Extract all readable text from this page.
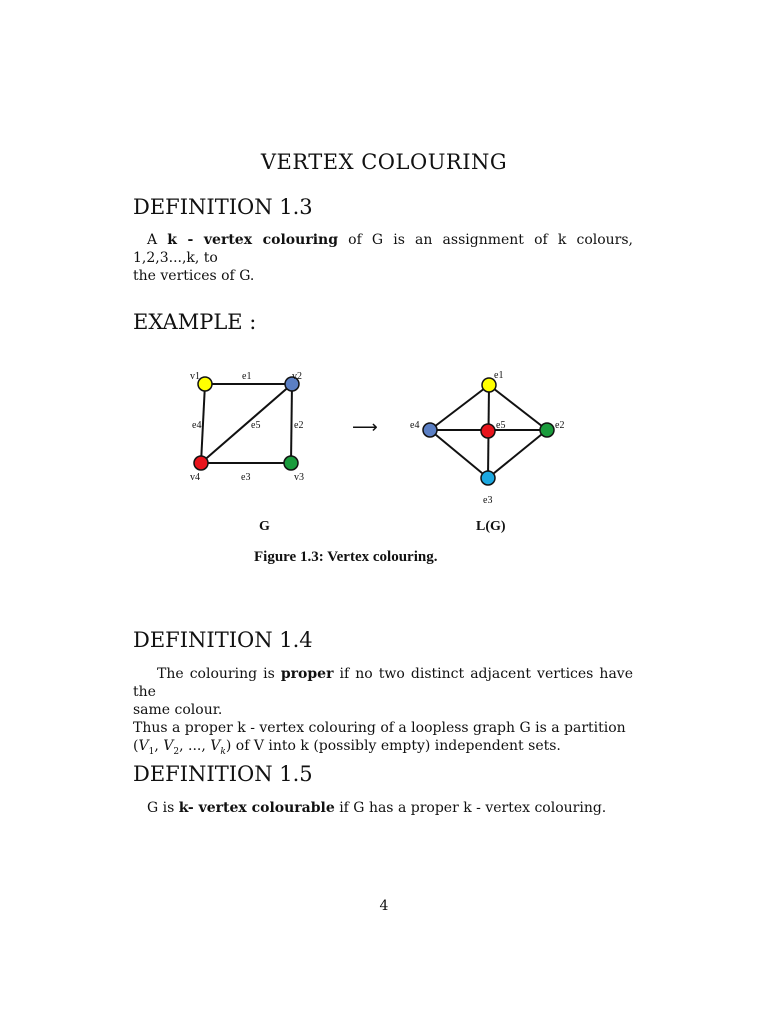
VERTEX COLOURING
DEFINITION 1.3
A k - vertex colouring of G is an assignment of k colours, 1,2,3...,k, to
the vertices of G.
EXAMPLE :
v1	v2
v3
v4
e1
e2
e3
e4	e5	⟶
e1
e2
e3
e4	e5
G	L(G)
Figure 1.3: Vertex colouring.
DEFINITION 1.4
The colouring is proper if no two distinct adjacent vertices have the
same colour.
Thus a proper k - vertex colouring of a loopless graph G is a partition
($V_1$, $V_2$, ..., $V_k$) of V into k (possibly empty) independent sets.
DEFINITION 1.5
G is k- vertex colourable if G has a proper k - vertex colouring.
4
